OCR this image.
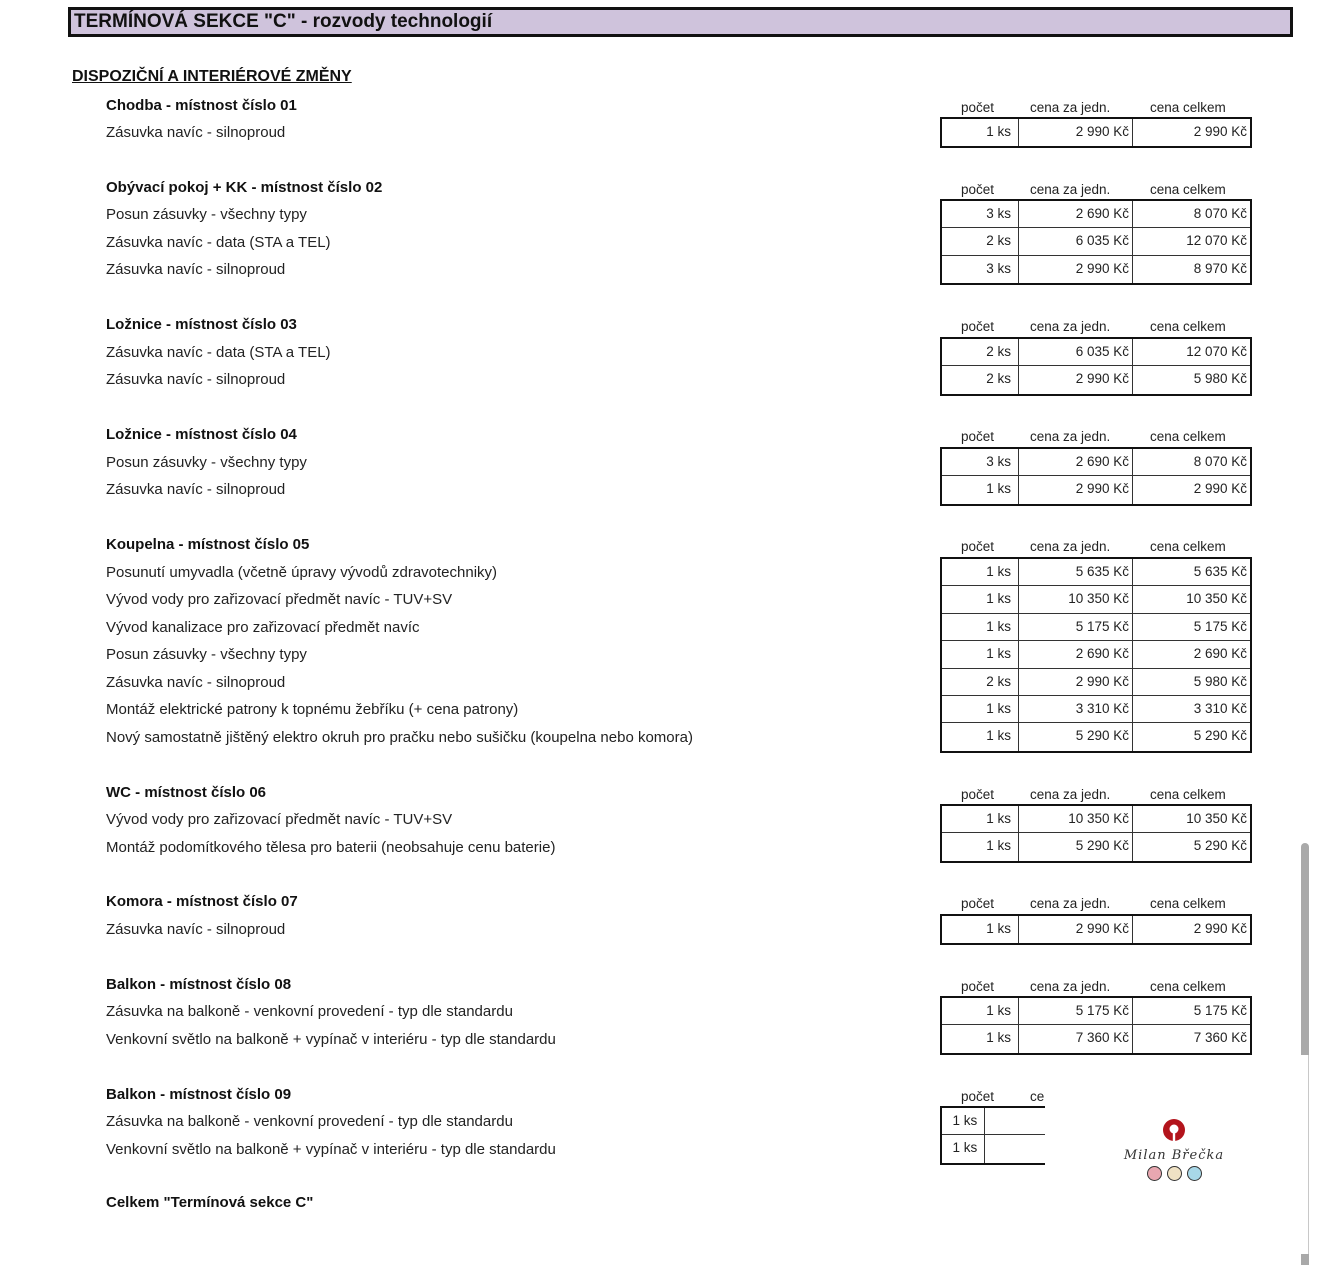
TERMÍNOVÁ SEKCE "C" - rozvody technologií
DISPOZIČNÍ A INTERIÉROVÉ ZMĚNY
Chodba - místnost číslo 01
Zásuvka navíc - silnoproud
počet	cena za jedn.	cena celkem
1 ks	2 990 Kč	2 990 Kč
Obývací pokoj + KK - místnost číslo 02
Posun zásuvky - všechny typy
Zásuvka navíc - data (STA a TEL)
Zásuvka navíc - silnoproud
počet	cena za jedn.	cena celkem
3 ks	2 690 Kč	8 070 Kč
2 ks	6 035 Kč	12 070 Kč
3 ks	2 990 Kč	8 970 Kč
Ložnice - místnost číslo 03
Zásuvka navíc - data (STA a TEL)
Zásuvka navíc - silnoproud
počet	cena za jedn.	cena celkem
2 ks	6 035 Kč	12 070 Kč
2 ks	2 990 Kč	5 980 Kč
Ložnice - místnost číslo 04
Posun zásuvky - všechny typy
Zásuvka navíc - silnoproud
počet	cena za jedn.	cena celkem
3 ks	2 690 Kč	8 070 Kč
1 ks	2 990 Kč	2 990 Kč
Koupelna - místnost číslo 05
Posunutí umyvadla (včetně úpravy vývodů zdravotechniky)
Vývod vody pro zařizovací předmět navíc - TUV+SV
Vývod kanalizace pro zařizovací předmět navíc
Posun zásuvky - všechny typy
Zásuvka navíc - silnoproud
Montáž elektrické patrony k topnému žebříku (+ cena patrony)
Nový samostatně jištěný elektro okruh pro pračku nebo sušičku (koupelna nebo komora)
počet	cena za jedn.	cena celkem
1 ks	5 635 Kč	5 635 Kč
1 ks	10 350 Kč	10 350 Kč
1 ks	5 175 Kč	5 175 Kč
1 ks	2 690 Kč	2 690 Kč
2 ks	2 990 Kč	5 980 Kč
1 ks	3 310 Kč	3 310 Kč
1 ks	5 290 Kč	5 290 Kč
WC - místnost číslo 06
Vývod vody pro zařizovací předmět navíc - TUV+SV
Montáž podomítkového tělesa pro baterii (neobsahuje cenu baterie)
počet	cena za jedn.	cena celkem
1 ks	10 350 Kč	10 350 Kč
1 ks	5 290 Kč	5 290 Kč
Komora - místnost číslo 07
Zásuvka navíc - silnoproud
počet	cena za jedn.	cena celkem
1 ks	2 990 Kč	2 990 Kč
Balkon - místnost číslo 08
Zásuvka na balkoně - venkovní provedení - typ dle standardu
Venkovní světlo na balkoně + vypínač v interiéru - typ dle standardu
počet	cena za jedn.	cena celkem
1 ks	5 175 Kč	5 175 Kč
1 ks	7 360 Kč	7 360 Kč
Balkon - místnost číslo 09
Zásuvka na balkoně - venkovní provedení - typ dle standardu
Venkovní světlo na balkoně + vypínač v interiéru - typ dle standardu
počet	ce
1 ks
1 ks
Celkem "Termínová sekce C"
Milan Břečka
